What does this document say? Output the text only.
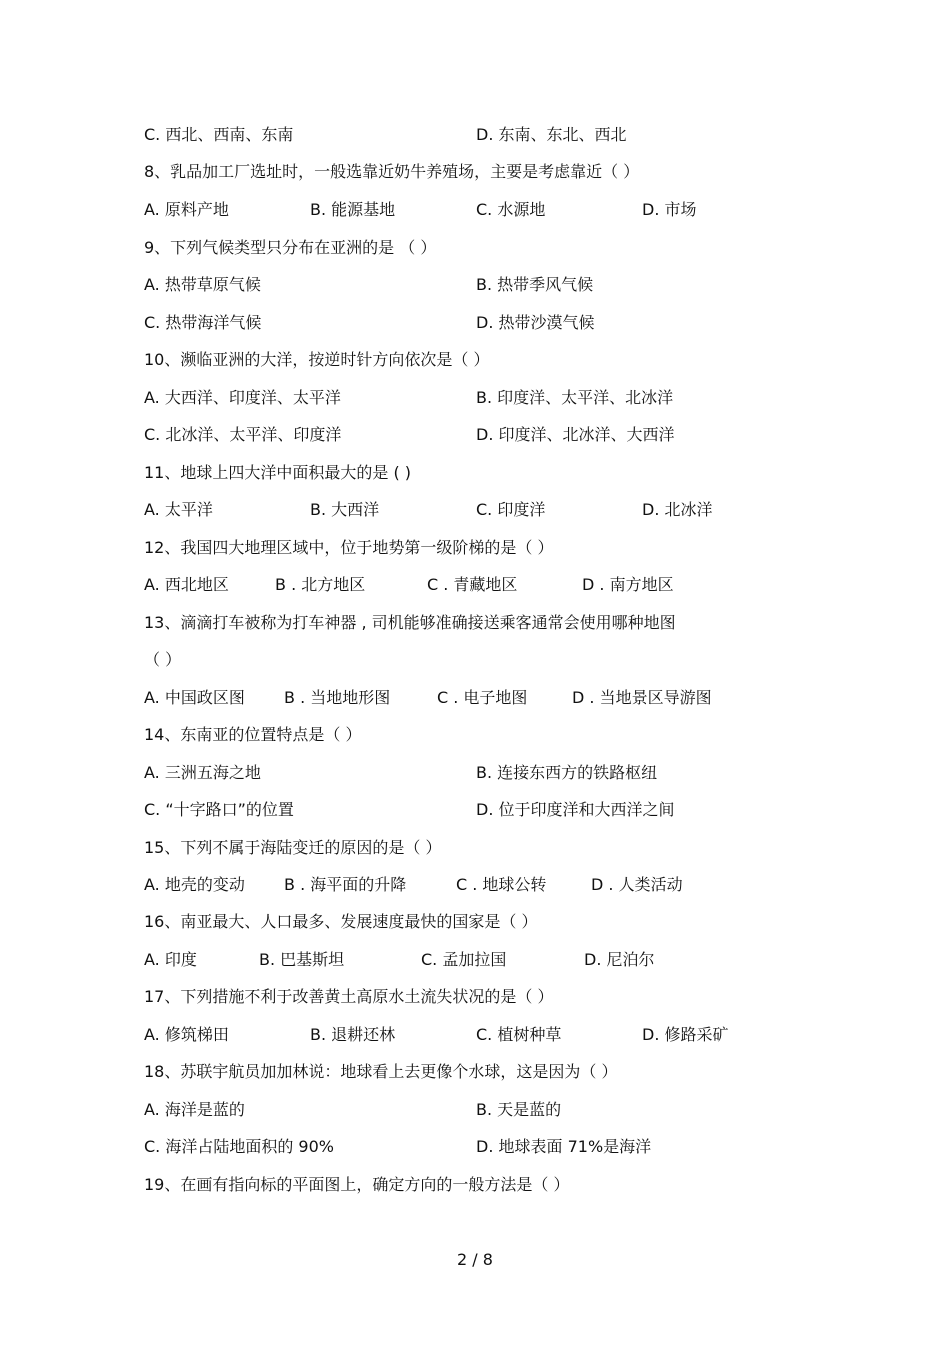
C. 西北、西南、东南	D. 东南、东北、西北
8、乳品加工厂选址时，一般选靠近奶牛养殖场，主要是考虑靠近（ ）
A. 原料产地	B. 能源基地	C. 水源地	D. 市场
9、下列气候类型只分布在亚洲的是 （ ）
A. 热带草原气候	B. 热带季风气候
C. 热带海洋气候	D. 热带沙漠气候
10、濒临亚洲的大洋，按逆时针方向依次是（ ）
A. 大西洋、印度洋、太平洋	B. 印度洋、太平洋、北冰洋
C. 北冰洋、太平洋、印度洋	D. 印度洋、北冰洋、大西洋
11、地球上四大洋中面积最大的是 ( )
A. 太平洋	B. 大西洋	C. 印度洋	D. 北冰洋
12、我国四大地理区域中，位于地势第一级阶梯的是（ ）
A. 西北地区	B . 北方地区	C . 青藏地区	D . 南方地区
13、滴滴打车被称为打车神器 , 司机能够准确接送乘客通常会使用哪种地图
（ ）
A. 中国政区图 B . 当地地形图	C . 电子地图	D . 当地景区导游图
14、东南亚的位置特点是（ ）
A. 三洲五海之地	B. 连接东西方的铁路枢纽
C. “十字路口”的位置	D. 位于印度洋和大西洋之间
15、下列不属于海陆变迁的原因的是（ ）
A. 地壳的变动 B . 海平面的升降	C . 地球公转	D . 人类活动
16、南亚最大、人口最多、发展速度最快的国家是（ ）
A. 印度	B. 巴基斯坦	C. 孟加拉国	D. 尼泊尔
17、下列措施不利于改善黄土高原水土流失状况的是（ ）
A. 修筑梯田	B. 退耕还林	C. 植树种草	D. 修路采矿
18、苏联宇航员加加林说：地球看上去更像个水球，这是因为（ ）
A. 海洋是蓝的	B. 天是蓝的
C. 海洋占陆地面积的 90%	D. 地球表面 71%是海洋
19、在画有指向标的平面图上，确定方向的一般方法是（ ）
2 / 8
